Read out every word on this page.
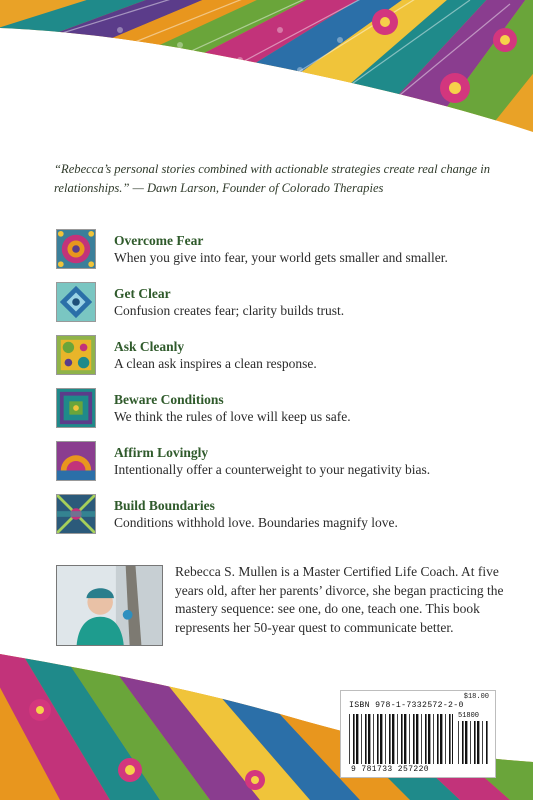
“Rebecca’s personal stories combined with actionable strategies create real change in relationships.” — Dawn Larson, Founder of Colorado Therapies
Overcome Fear
When you give into fear, your world gets smaller and smaller.
Get Clear
Confusion creates fear; clarity builds trust.
Ask Cleanly
A clean ask inspires a clean response.
Beware Conditions
We think the rules of love will keep us safe.
Affirm Lovingly
Intentionally offer a counterweight to your negativity bias.
Build Boundaries
Conditions withhold love. Boundaries magnify love.
Rebecca S. Mullen is a Master Certified Life Coach. At five years old, after her parents’ divorce, she began practicing the mastery sequence: see one, do one, teach one. This book represents her 50-year quest to communicate better.
$18.00
ISBN 978-1-7332572-2-0
51800
9 781733 257220
